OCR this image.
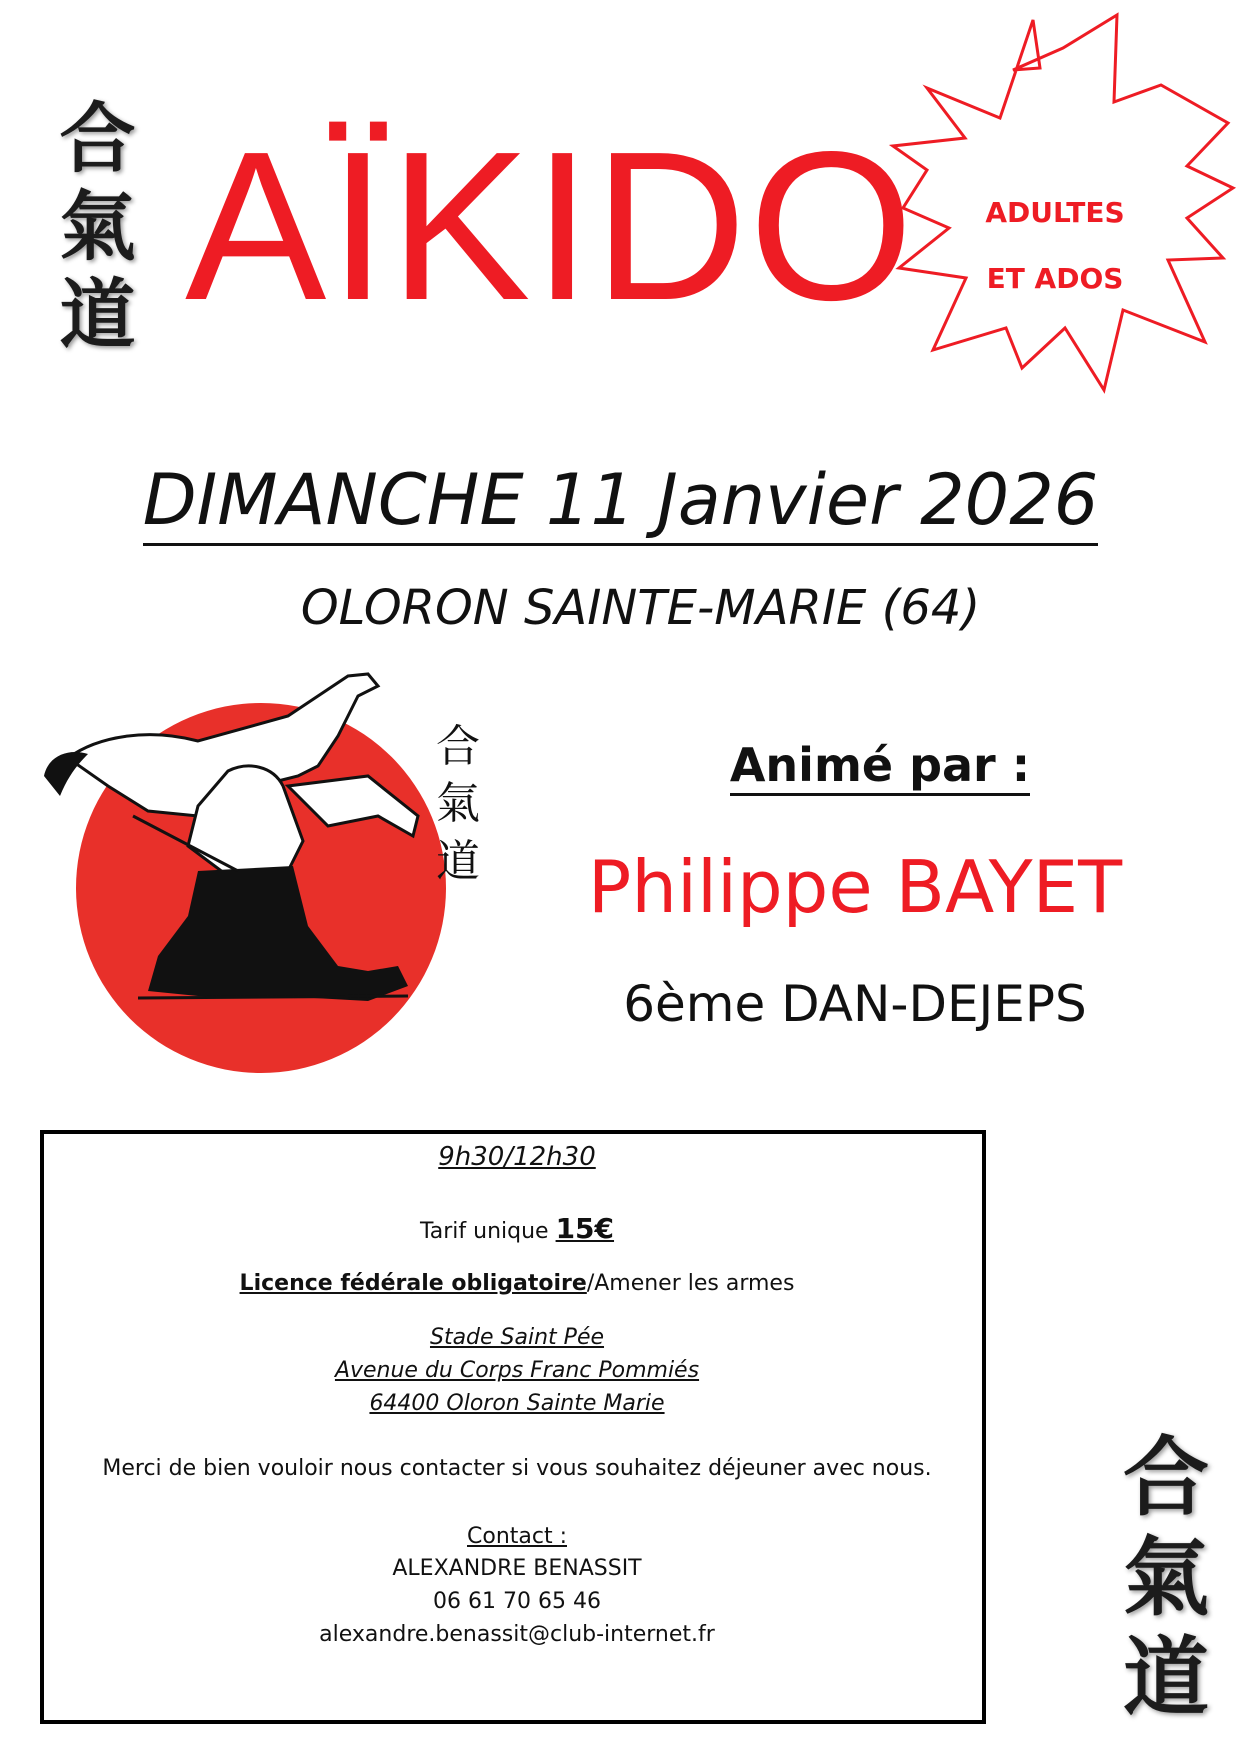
合
氣
道 AÏKIDO	ADULTES
ET ADOS
DIMANCHE 11 Janvier 2026
OLORON SAINTE-MARIE (64)
合
氣
道
Animé par :
Philippe BAYET
6ème DAN-DEJEPS
9h30/12h30
Tarif unique 15€
Licence fédérale obligatoire/Amener les armes
Stade Saint Pée
Avenue du Corps Franc Pommiés
64400 Oloron Sainte Marie
Merci de bien vouloir nous contacter si vous souhaitez déjeuner avec nous.
Contact :
ALEXANDRE BENASSIT
06 61 70 65 46
alexandre.benassit@club-internet.fr
合
氣
道
